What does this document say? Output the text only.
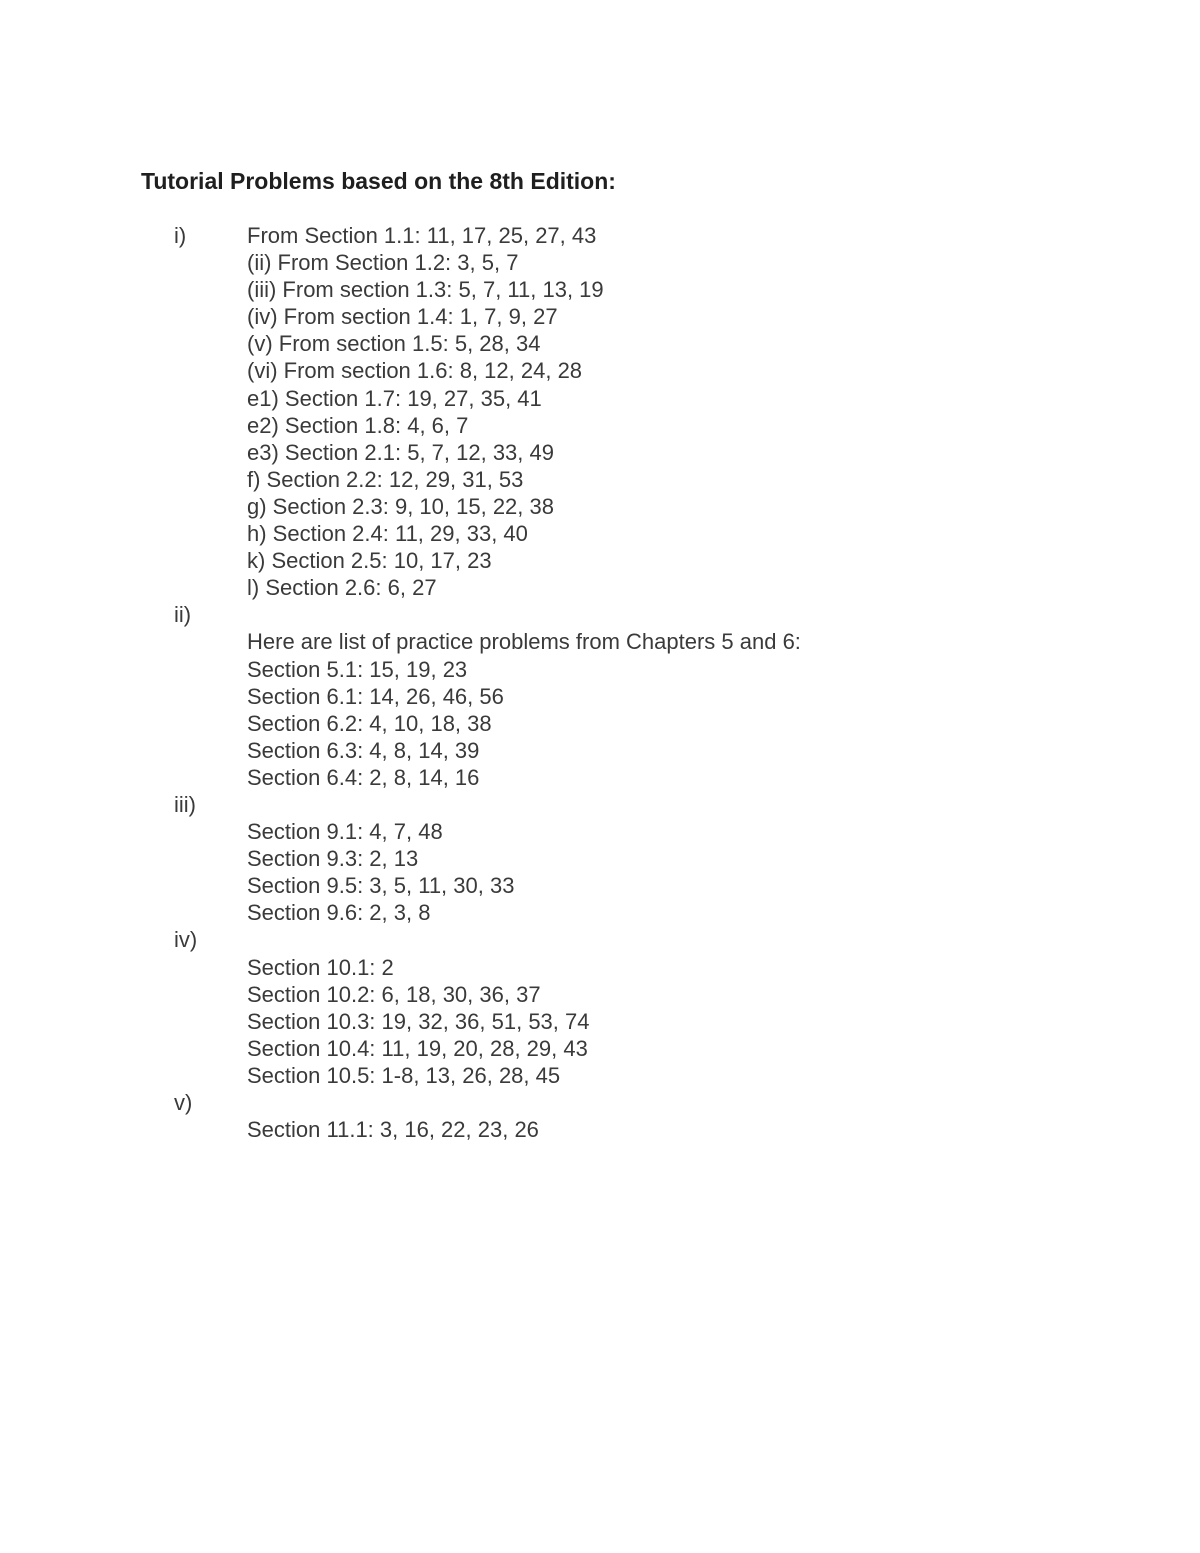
Tutorial Problems based on the 8th Edition:
i)	From Section 1.1: 11, 17, 25, 27, 43
(ii) From Section 1.2: 3, 5, 7
(iii) From section 1.3: 5, 7, 11, 13, 19
(iv) From section 1.4: 1, 7, 9, 27
(v) From section 1.5: 5, 28, 34
(vi) From section 1.6: 8, 12, 24, 28
e1) Section 1.7: 19, 27, 35, 41
e2) Section 1.8: 4, 6, 7
e3) Section 2.1: 5, 7, 12, 33, 49
f) Section 2.2: 12, 29, 31, 53
g) Section 2.3: 9, 10, 15, 22, 38
h) Section 2.4: 11, 29, 33, 40
k) Section 2.5: 10, 17, 23
l) Section 2.6: 6, 27
ii)
Here are list of practice problems from Chapters 5 and 6:
Section 5.1: 15, 19, 23
Section 6.1: 14, 26, 46, 56
Section 6.2: 4, 10, 18, 38
Section 6.3: 4, 8, 14, 39
Section 6.4: 2, 8, 14, 16
iii)
Section 9.1: 4, 7, 48
Section 9.3: 2, 13
Section 9.5: 3, 5, 11, 30, 33
Section 9.6: 2, 3, 8
iv)
Section 10.1: 2
Section 10.2: 6, 18, 30, 36, 37
Section 10.3: 19, 32, 36, 51, 53, 74
Section 10.4: 11, 19, 20, 28, 29, 43
Section 10.5: 1-8, 13, 26, 28, 45
v)
Section 11.1: 3, 16, 22, 23, 26
